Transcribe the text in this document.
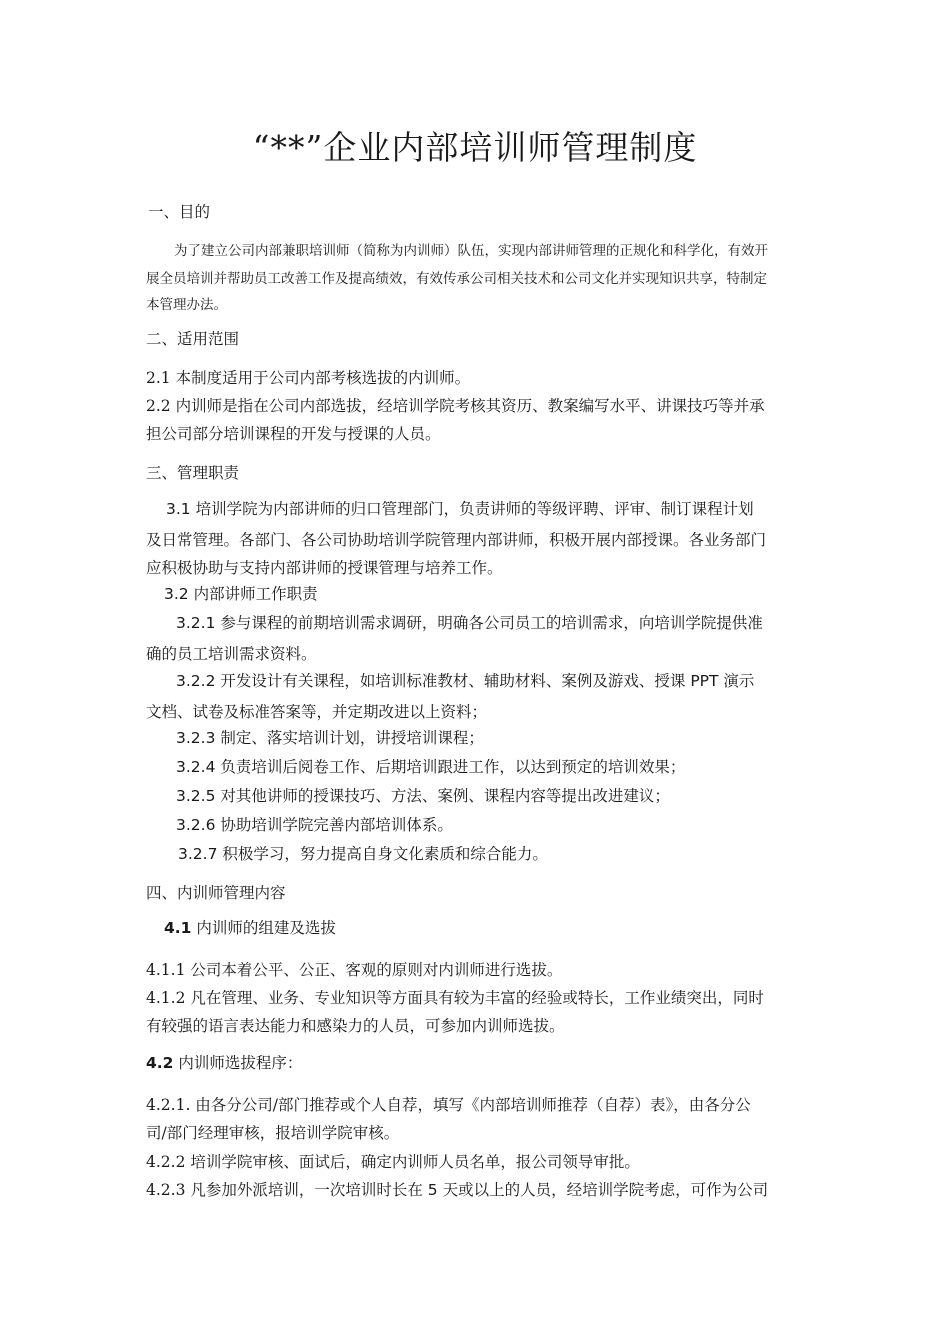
“**”企业内部培训师管理制度
一、目的
为了建立公司内部兼职培训师（简称为内训师）队伍，实现内部讲师管理的正规化和科学化，有效开
展全员培训并帮助员工改善工作及提高绩效，有效传承公司相关技术和公司文化并实现知识共享，特制定
本管理办法。
二、适用范围
2.1 本制度适用于公司内部考核选拔的内训师。
2.2 内训师是指在公司内部选拔，经培训学院考核其资历、教案编写水平、讲课技巧等并承
担公司部分培训课程的开发与授课的人员。
三、管理职责
3.1 培训学院为内部讲师的归口管理部门，负责讲师的等级评聘、评审、制订课程计划
及日常管理。各部门、各公司协助培训学院管理内部讲师，积极开展内部授课。各业务部门
应积极协助与支持内部讲师的授课管理与培养工作。
3.2 内部讲师工作职责
3.2.1 参与课程的前期培训需求调研，明确各公司员工的培训需求，向培训学院提供准
确的员工培训需求资料。
3.2.2 开发设计有关课程，如培训标准教材、辅助材料、案例及游戏、授课 PPT 演示
文档、试卷及标准答案等，并定期改进以上资料；
3.2.3 制定、落实培训计划，讲授培训课程；
3.2.4 负责培训后阅卷工作、后期培训跟进工作，以达到预定的培训效果；
3.2.5 对其他讲师的授课技巧、方法、案例、课程内容等提出改进建议；
3.2.6 协助培训学院完善内部培训体系。
3.2.7 积极学习，努力提高自身文化素质和综合能力。
四、内训师管理内容
4.1 内训师的组建及选拔
4.1.1 公司本着公平、公正、客观的原则对内训师进行选拔。
4.1.2 凡在管理、业务、专业知识等方面具有较为丰富的经验或特长，工作业绩突出，同时
有较强的语言表达能力和感染力的人员，可参加内训师选拔。
4.2 内训师选拔程序：
4.2.1. 由各分公司/部门推荐或个人自荐，填写《内部培训师推荐（自荐）表》，由各分公
司/部门经理审核，报培训学院审核。
4.2.2 培训学院审核、面试后，确定内训师人员名单，报公司领导审批。
4.2.3 凡参加外派培训，一次培训时长在 5 天或以上的人员，经培训学院考虑，可作为公司
